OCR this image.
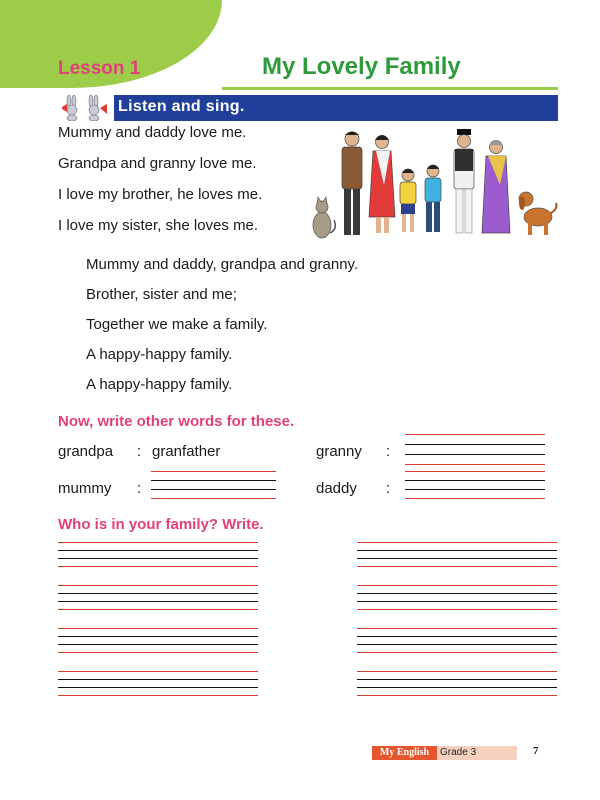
Lesson 1	My Lovely Family
Listen and sing.
Mummy and daddy love me.
Grandpa and granny love me.
I love my brother, he loves me.
I love my sister, she loves me.
Mummy and daddy, grandpa and granny.
Brother, sister and me;
Together we make a family.
A happy-happy family.
A happy-happy family.
Now, write other words for these.
grandpa : granfather	granny :
mummy :	daddy :
Who is in your family? Write.
My English	Grade 3	7
